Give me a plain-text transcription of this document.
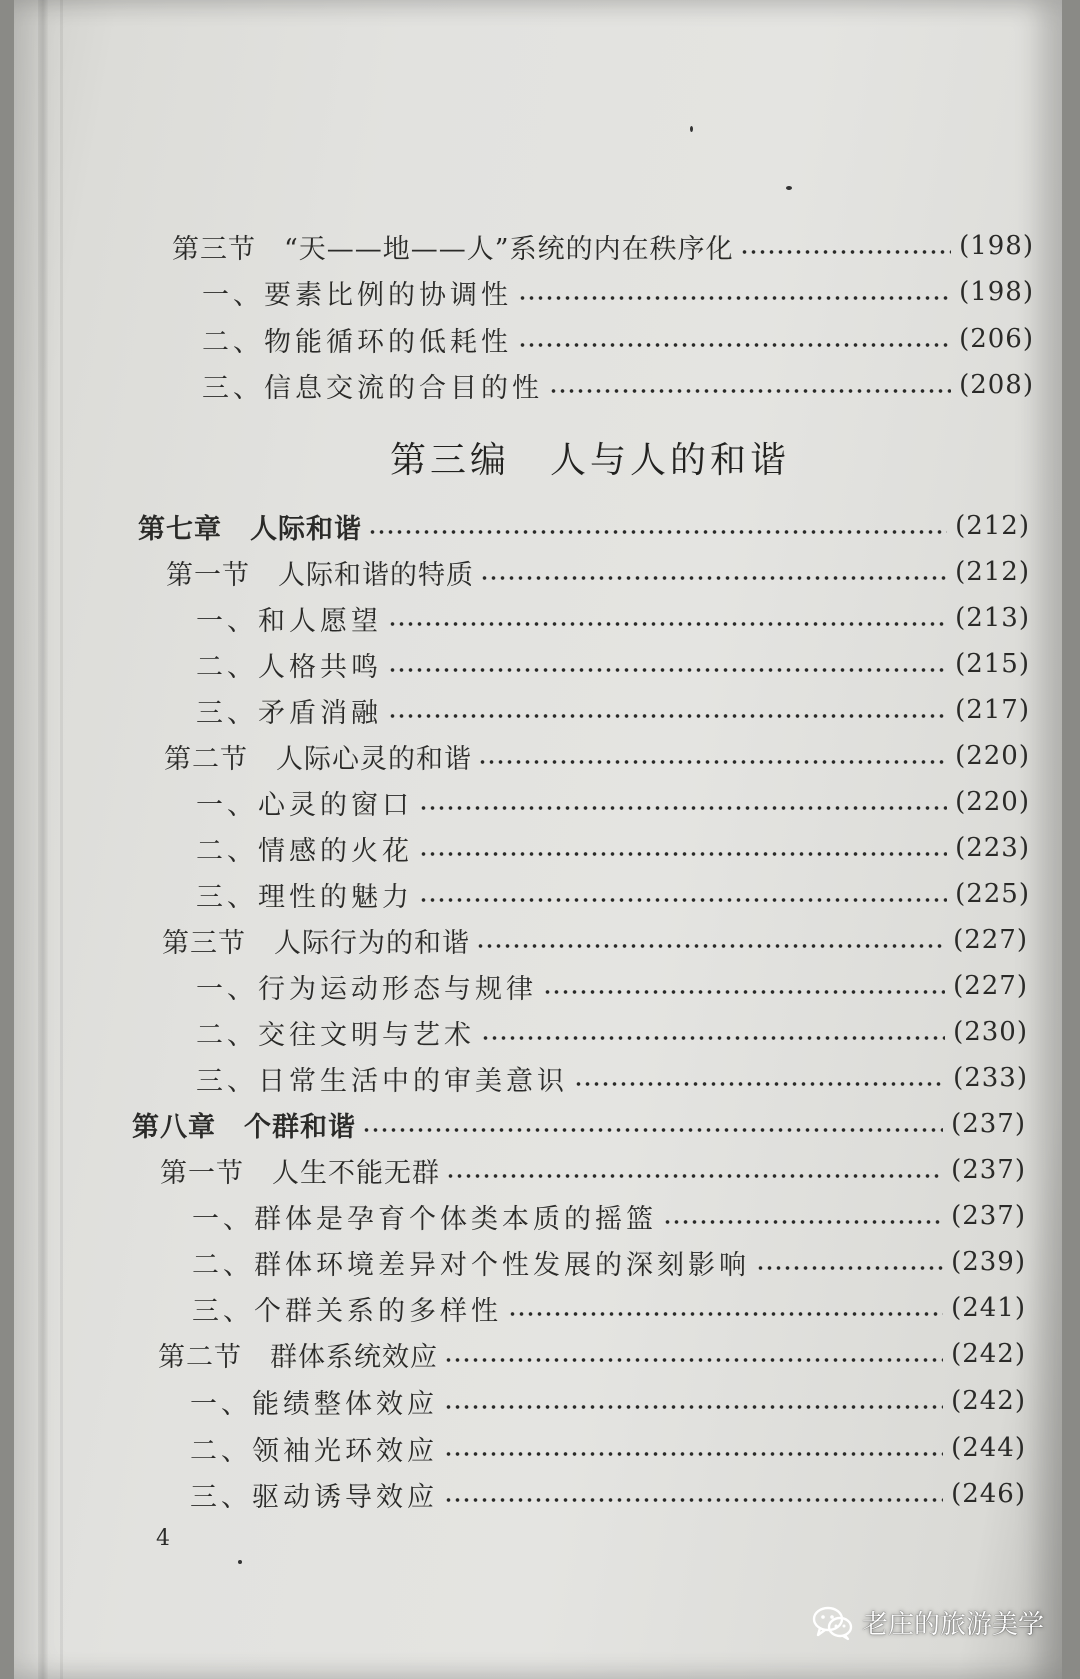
第三节　“天——地——人”系统的内在秩序化	(198)
一、要素比例的协调性	(198)
二、物能循环的低耗性	(206)
三、信息交流的合目的性	(208)
第三编　人与人的和谐
第七章　人际和谐	(212)
第一节　人际和谐的特质	(212)
一、和人愿望	(213)
二、人格共鸣	(215)
三、矛盾消融	(217)
第二节　人际心灵的和谐	(220)
一、心灵的窗口	(220)
二、情感的火花	(223)
三、理性的魅力	(225)
第三节　人际行为的和谐	(227)
一、行为运动形态与规律	(227)
二、交往文明与艺术	(230)
三、日常生活中的审美意识	(233)
第八章　个群和谐	(237)
第一节　人生不能无群	(237)
一、群体是孕育个体类本质的摇篮	(237)
二、群体环境差异对个性发展的深刻影响	(239)
三、个群关系的多样性	(241)
第二节　群体系统效应	(242)
一、能绩整体效应	(242)
二、领袖光环效应	(244)
三、驱动诱导效应	(246)
4
老庄的旅游美学
